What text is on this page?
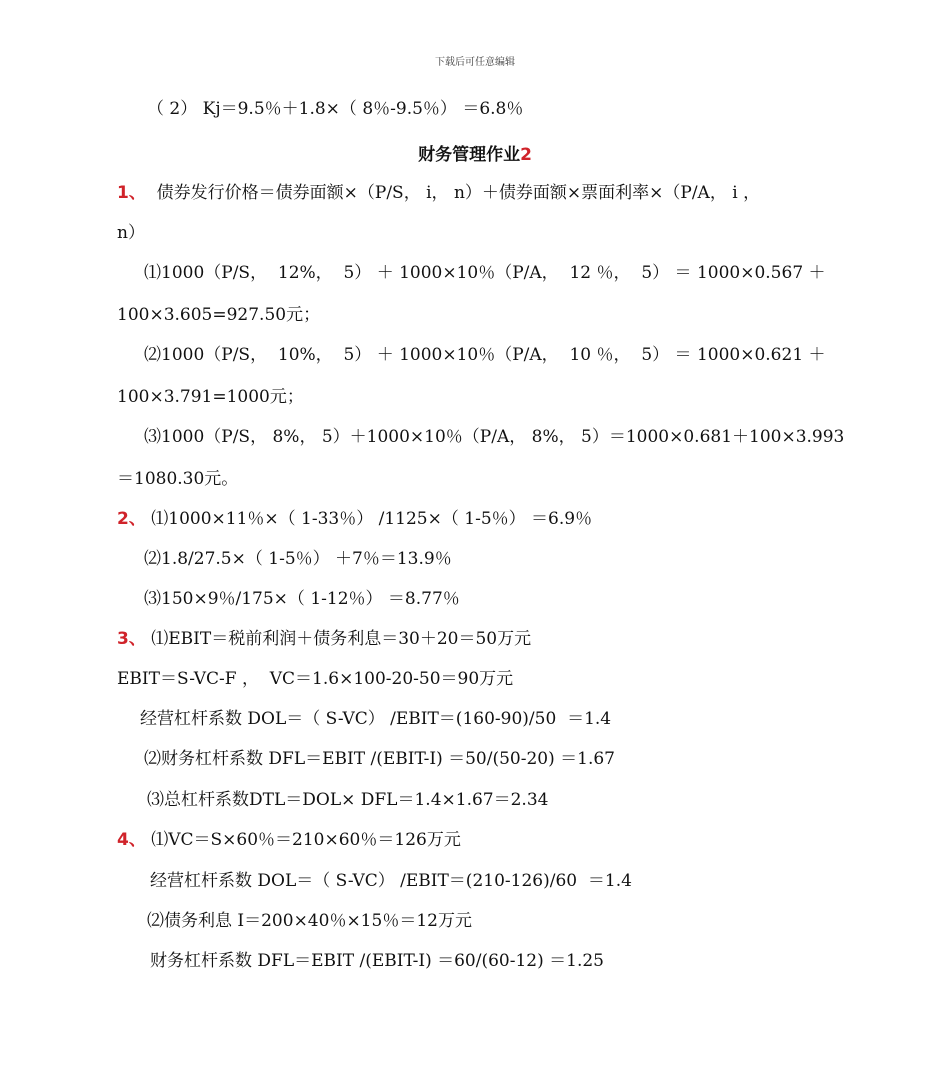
下载后可任意编辑
财务管理作业2
（ 2） Kj＝9.5％＋1.8×（ 8％-9.5％） ＝6.8％
1、  债券发行价格＝债券面额×（P/S， i， n）＋债券面额×票面利率×（P/A， i ，
n）
⑴1000（P/S，  12%，  5） ＋ 1000×10％（P/A，  12 ％，  5） ＝ 1000×0.567 ＋
100×3.605=927.50元；
⑵1000（P/S，  10%，  5） ＋ 1000×10％（P/A，  10 ％，  5） ＝ 1000×0.621 ＋
100×3.791=1000元；
⑶1000（P/S， 8%， 5）＋1000×10％（P/A， 8%， 5）＝1000×0.681＋100×3.993
＝1080.30元。
2、 ⑴1000×11％×（ 1-33％） /1125×（ 1-5％） ＝6.9％
⑵1.8/27.5×（ 1-5％） ＋7％＝13.9％
⑶150×9％/175×（ 1-12％） ＝8.77％
3、 ⑴EBIT＝税前利润＋债务利息＝30＋20＝50万元
EBIT＝S-VC-F ，  VC＝1.6×100-20-50＝90万元
经营杠杆系数 DOL＝（ S-VC） /EBIT＝(160-90)/50  ＝1.4
⑵财务杠杆系数 DFL＝EBIT /(EBIT-I) ＝50/(50-20) ＝1.67
⑶总杠杆系数DTL＝DOL× DFL＝1.4×1.67＝2.34
4、 ⑴VC＝S×60％＝210×60％＝126万元
经营杠杆系数 DOL＝（ S-VC） /EBIT＝(210-126)/60  ＝1.4
⑵债务利息 I＝200×40％×15％＝12万元
财务杠杆系数 DFL＝EBIT /(EBIT-I) ＝60/(60-12) ＝1.25
